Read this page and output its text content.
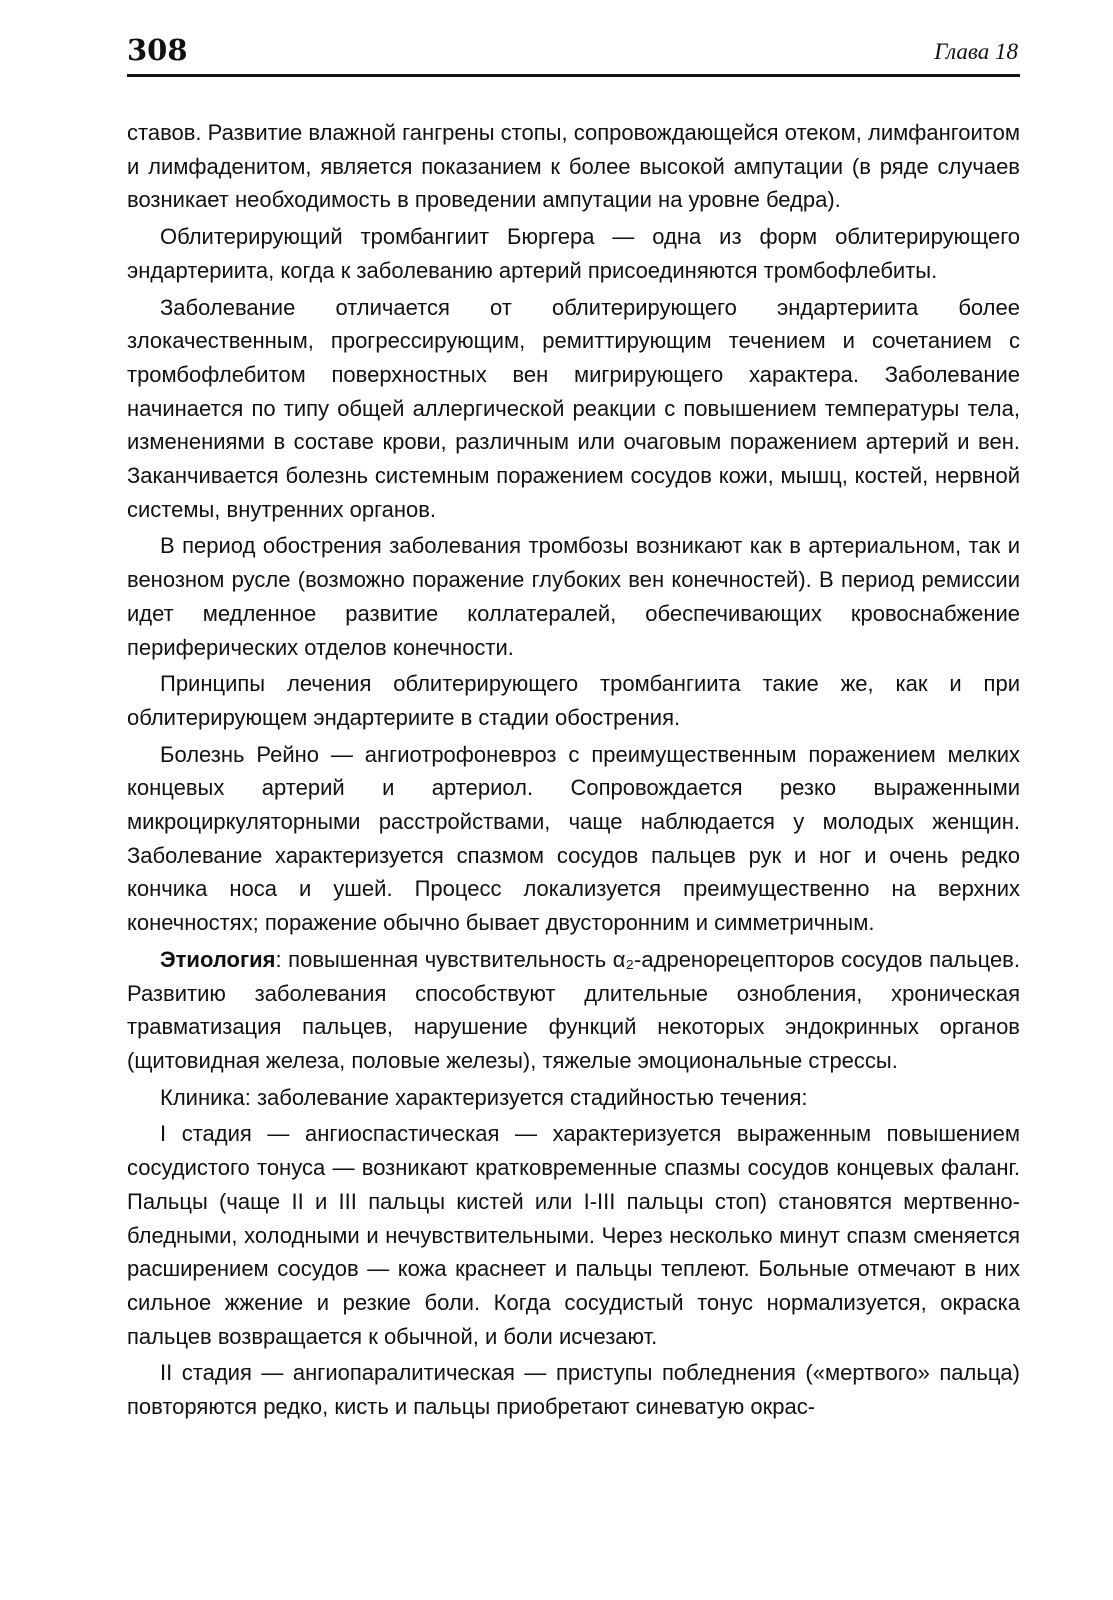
308	Глава 18

ставов. Развитие влажной гангрены стопы, сопровождающейся отеком, лимфангоитом и лимфаденитом, является показанием к более высокой ампутации (в ряде случаев возникает необходимость в проведении ампутации на уровне бедра).

Облитерирующий тромбангиит Бюргера — одна из форм облитерирующего эндартериита, когда к заболеванию артерий присоединяются тромбофлебиты.

Заболевание отличается от облитерирующего эндартериита более злокачественным, прогрессирующим, ремиттирующим течением и сочетанием с тромбофлебитом поверхностных вен мигрирующего характера. Заболевание начинается по типу общей аллергической реакции с повышением температуры тела, изменениями в составе крови, различным или очаговым поражением артерий и вен. Заканчивается болезнь системным поражением сосудов кожи, мышц, костей, нервной системы, внутренних органов.

В период обострения заболевания тромбозы возникают как в артериальном, так и венозном русле (возможно поражение глубоких вен конечностей). В период ремиссии идет медленное развитие коллатералей, обеспечивающих кровоснабжение периферических отделов конечности.

Принципы лечения облитерирующего тромбангиита такие же, как и при облитерирующем эндартериите в стадии обострения.

Болезнь Рейно — ангиотрофоневроз с преимущественным поражением мелких концевых артерий и артериол. Сопровождается резко выраженными микроциркуляторными расстройствами, чаще наблюдается у молодых женщин. Заболевание характеризуется спазмом сосудов пальцев рук и ног и очень редко кончика носа и ушей. Процесс локализуется преимущественно на верхних конечностях; поражение обычно бывает двусторонним и симметричным.

Этиология: повышенная чувствительность α₂-адренорецепторов сосудов пальцев. Развитию заболевания способствуют длительные ознобления, хроническая травматизация пальцев, нарушение функций некоторых эндокринных органов (щитовидная железа, половые железы), тяжелые эмоциональные стрессы.

Клиника: заболевание характеризуется стадийностью течения:

I стадия — ангиоспастическая — характеризуется выраженным повышением сосудистого тонуса — возникают кратковременные спазмы сосудов концевых фаланг. Пальцы (чаще II и III пальцы кистей или I-III пальцы стоп) становятся мертвенно-бледными, холодными и нечувствительными. Через несколько минут спазм сменяется расширением сосудов — кожа краснеет и пальцы теплеют. Больные отмечают в них сильное жжение и резкие боли. Когда сосудистый тонус нормализуется, окраска пальцев возвращается к обычной, и боли исчезают.

II стадия — ангиопаралитическая — приступы побледнения («мертвого» пальца) повторяются редко, кисть и пальцы приобретают синеватую окрас-
